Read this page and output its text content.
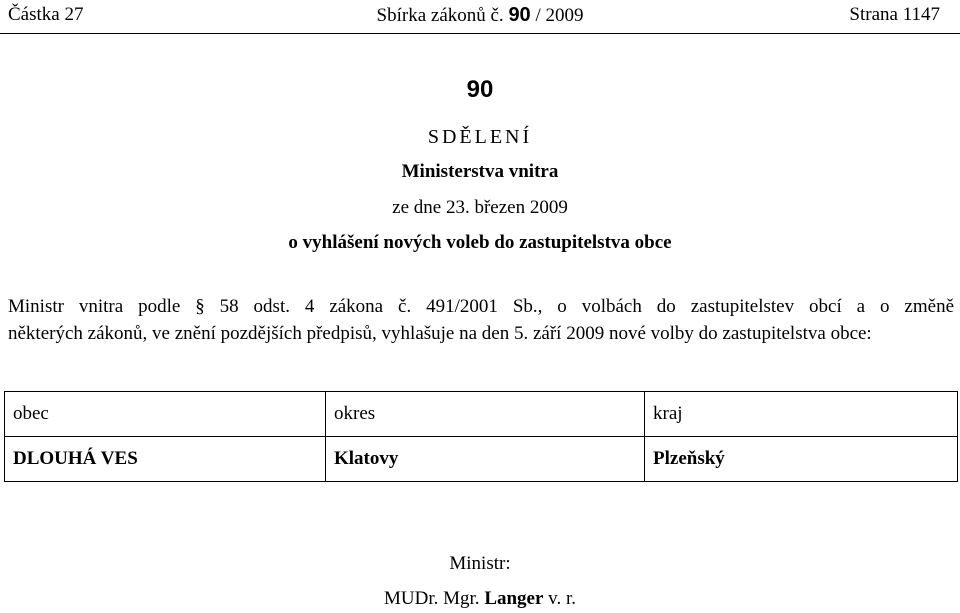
Částka 27	Sbírka zákonů č. 90 / 2009	Strana 1147
90
SDĚLENÍ
Ministerstva vnitra
ze dne 23. březen 2009
o vyhlášení nových voleb do zastupitelstva obce

Ministr vnitra podle § 58 odst. 4 zákona č. 491/2001 Sb., o volbách do zastupitelstev obcí a o změně
některých zákonů, ve znění pozdějších předpisů, vyhlašuje na den 5. září 2009 nové volby do zastupitelstva obce:

obec	okres	kraj
DLOUHÁ VES	Klatovy	Plzeňský
Ministr:
MUDr. Mgr. Langer v. r.
